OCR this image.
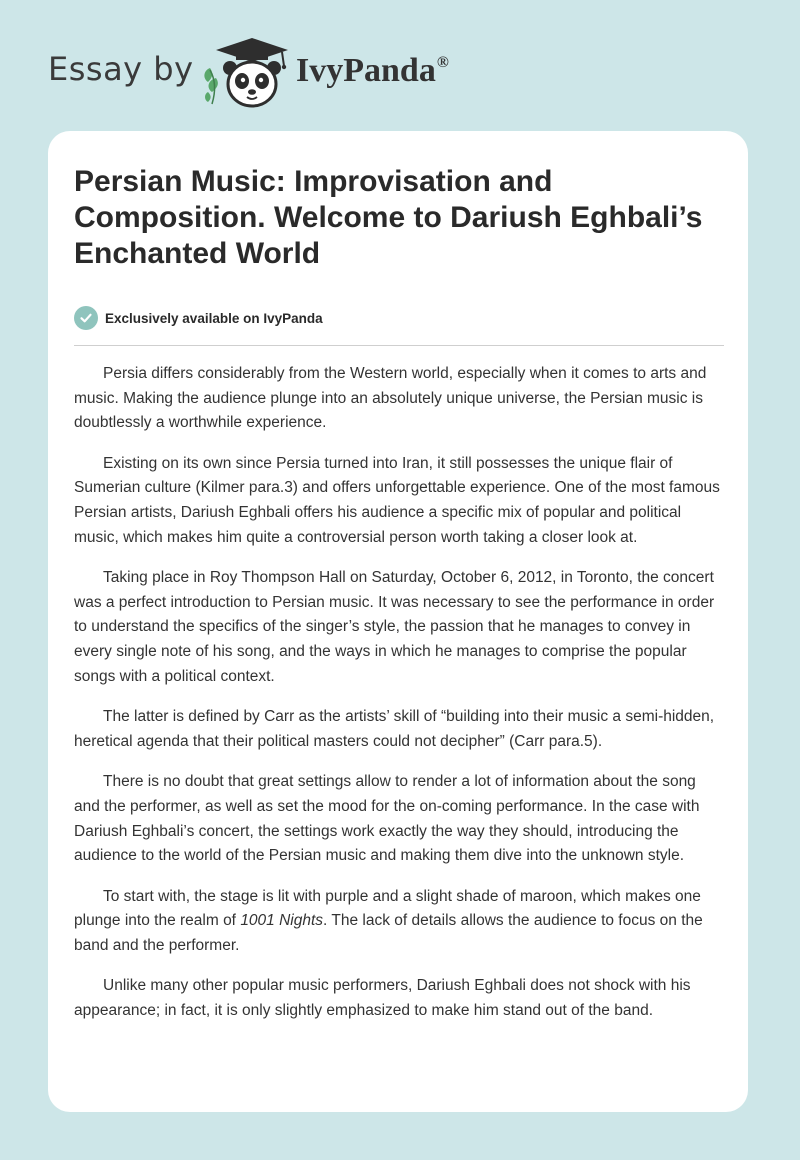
Essay by	IvyPanda®
Persian Music: Improvisation and Composition. Welcome to Dariush Eghbali’s Enchanted World
Exclusively available on IvyPanda

Persia differs considerably from the Western world, especially when it comes to arts and music. Making the audience plunge into an absolutely unique universe, the Persian music is doubtlessly a worthwhile experience.

Existing on its own since Persia turned into Iran, it still possesses the unique flair of Sumerian culture (Kilmer para.3) and offers unforgettable experience. One of the most famous Persian artists, Dariush Eghbali offers his audience a specific mix of popular and political music, which makes him quite a controversial person worth taking a closer look at.

Taking place in Roy Thompson Hall on Saturday, October 6, 2012, in Toronto, the concert was a perfect introduction to Persian music. It was necessary to see the performance in order to understand the specifics of the singer’s style, the passion that he manages to convey in every single note of his song, and the ways in which he manages to comprise the popular songs with a political context.

The latter is defined by Carr as the artists’ skill of “building into their music a semi-hidden, heretical agenda that their political masters could not decipher” (Carr para.5).

There is no doubt that great settings allow to render a lot of information about the song and the performer, as well as set the mood for the on-coming performance. In the case with Dariush Eghbali’s concert, the settings work exactly the way they should, introducing the audience to the world of the Persian music and making them dive into the unknown style.

To start with, the stage is lit with purple and a slight shade of maroon, which makes one plunge into the realm of 1001 Nights. The lack of details allows the audience to focus on the band and the performer.

Unlike many other popular music performers, Dariush Eghbali does not shock with his appearance; in fact, it is only slightly emphasized to make him stand out of the band.
